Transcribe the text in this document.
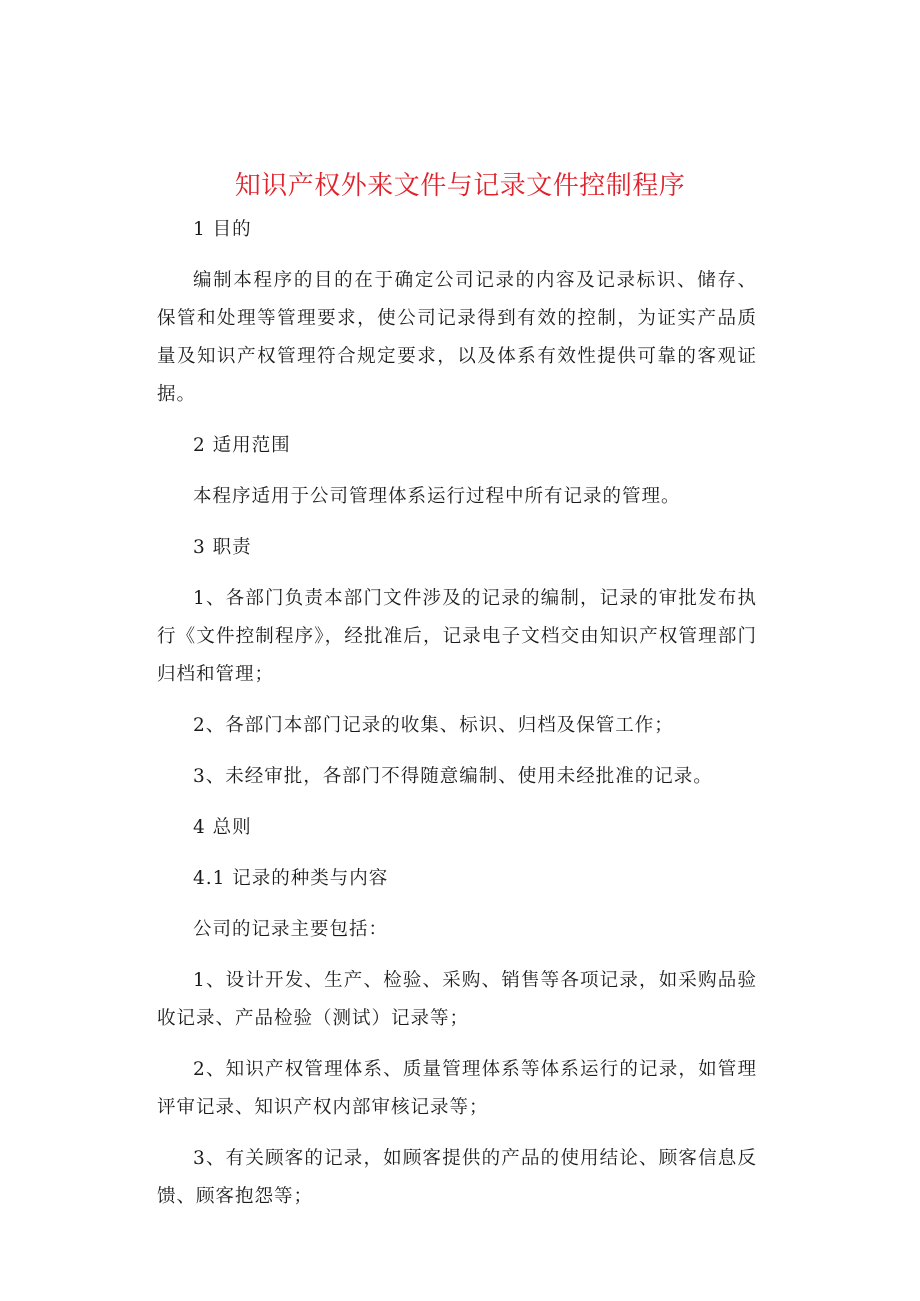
知识产权外来文件与记录文件控制程序

1 目的

编制本程序的目的在于确定公司记录的内容及记录标识、储存、保管和处理等管理要求，使公司记录得到有效的控制，为证实产品质量及知识产权管理符合规定要求，以及体系有效性提供可靠的客观证据。

2 适用范围

本程序适用于公司管理体系运行过程中所有记录的管理。

3 职责

1、各部门负责本部门文件涉及的记录的编制，记录的审批发布执行《文件控制程序》，经批准后，记录电子文档交由知识产权管理部门归档和管理；

2、各部门本部门记录的收集、标识、归档及保管工作；

3、未经审批，各部门不得随意编制、使用未经批准的记录。

4 总则

4.1 记录的种类与内容

公司的记录主要包括：

1、设计开发、生产、检验、采购、销售等各项记录，如采购品验收记录、产品检验（测试）记录等；

2、知识产权管理体系、质量管理体系等体系运行的记录，如管理评审记录、知识产权内部审核记录等；

3、有关顾客的记录，如顾客提供的产品的使用结论、顾客信息反馈、顾客抱怨等；
